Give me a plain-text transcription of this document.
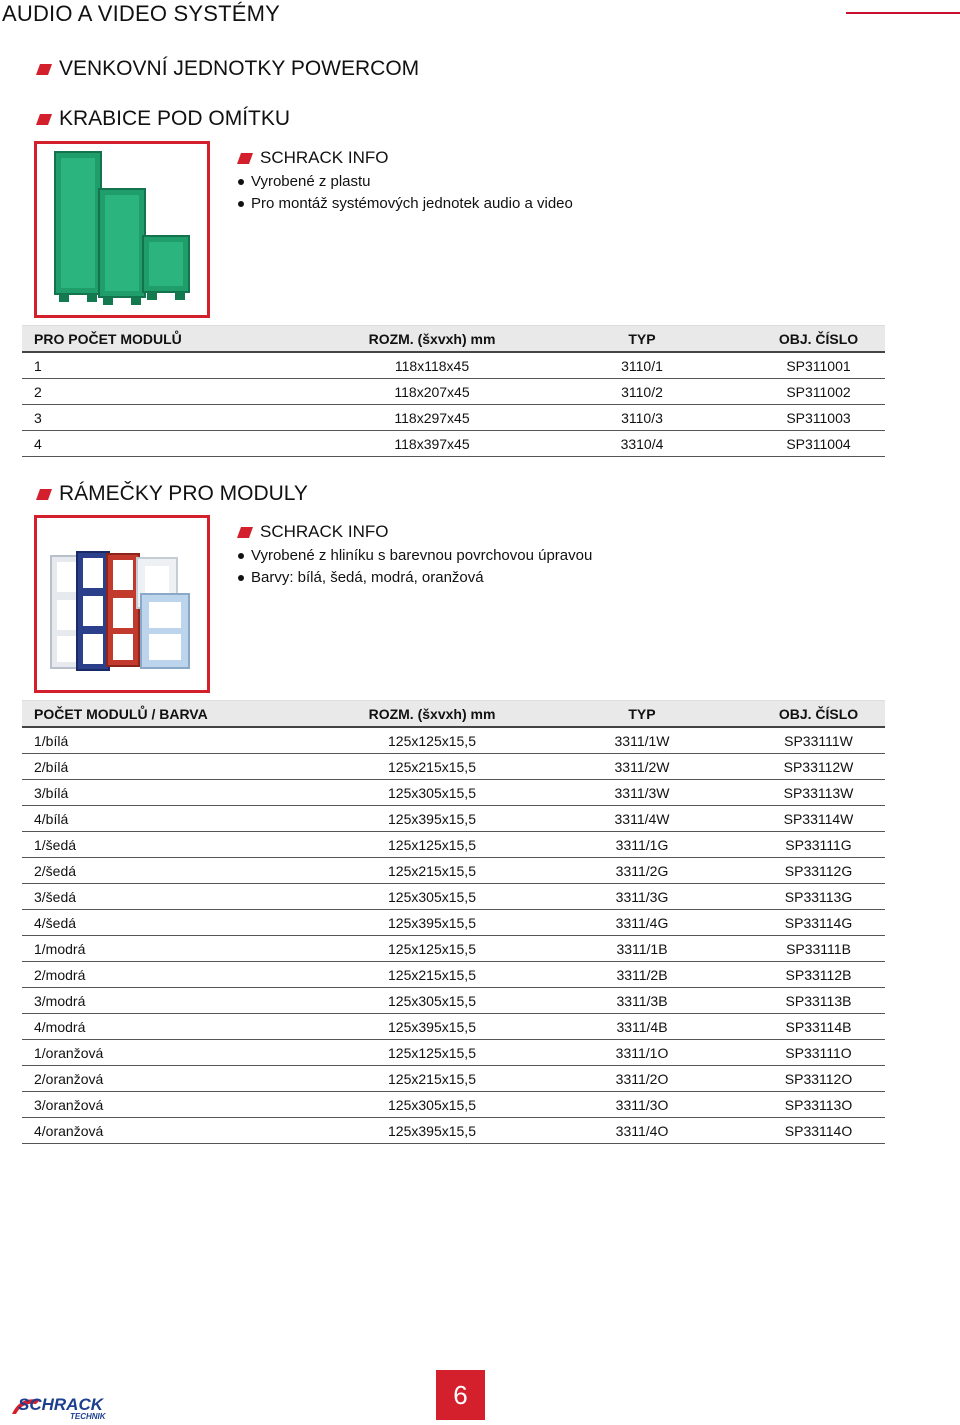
AUDIO A VIDEO SYSTÉMY
VENKOVNÍ JEDNOTKY POWERCOM
KRABICE POD OMÍTKU
SCHRACK INFO
Vyrobené z plastu
Pro montáž systémových jednotek audio a video
PRO POČET MODULŮ	ROZM. (šxvxh) mm	TYP	OBJ. ČÍSLO
1	118x118x45	3110/1	SP311001
2	118x207x45	3110/2	SP311002
3	118x297x45	3110/3	SP311003
4	118x397x45	3310/4	SP311004
RÁMEČKY PRO MODULY
SCHRACK INFO
Vyrobené z hliníku s barevnou povrchovou úpravou
Barvy: bílá, šedá, modrá, oranžová
POČET MODULŮ / BARVA	ROZM. (šxvxh) mm	TYP	OBJ. ČÍSLO
1/bílá	125x125x15,5	3311/1W	SP33111W
2/bílá	125x215x15,5	3311/2W	SP33112W
3/bílá	125x305x15,5	3311/3W	SP33113W
4/bílá	125x395x15,5	3311/4W	SP33114W
1/šedá	125x125x15,5	3311/1G	SP33111G
2/šedá	125x215x15,5	3311/2G	SP33112G
3/šedá	125x305x15,5	3311/3G	SP33113G
4/šedá	125x395x15,5	3311/4G	SP33114G
1/modrá	125x125x15,5	3311/1B	SP33111B
2/modrá	125x215x15,5	3311/2B	SP33112B
3/modrá	125x305x15,5	3311/3B	SP33113B
4/modrá	125x395x15,5	3311/4B	SP33114B
1/oranžová	125x125x15,5	3311/1O	SP33111O
2/oranžová	125x215x15,5	3311/2O	SP33112O
3/oranžová	125x305x15,5	3311/3O	SP33113O
4/oranžová	125x395x15,5	3311/4O	SP33114O
SCHRACK
TECHNIK
6
